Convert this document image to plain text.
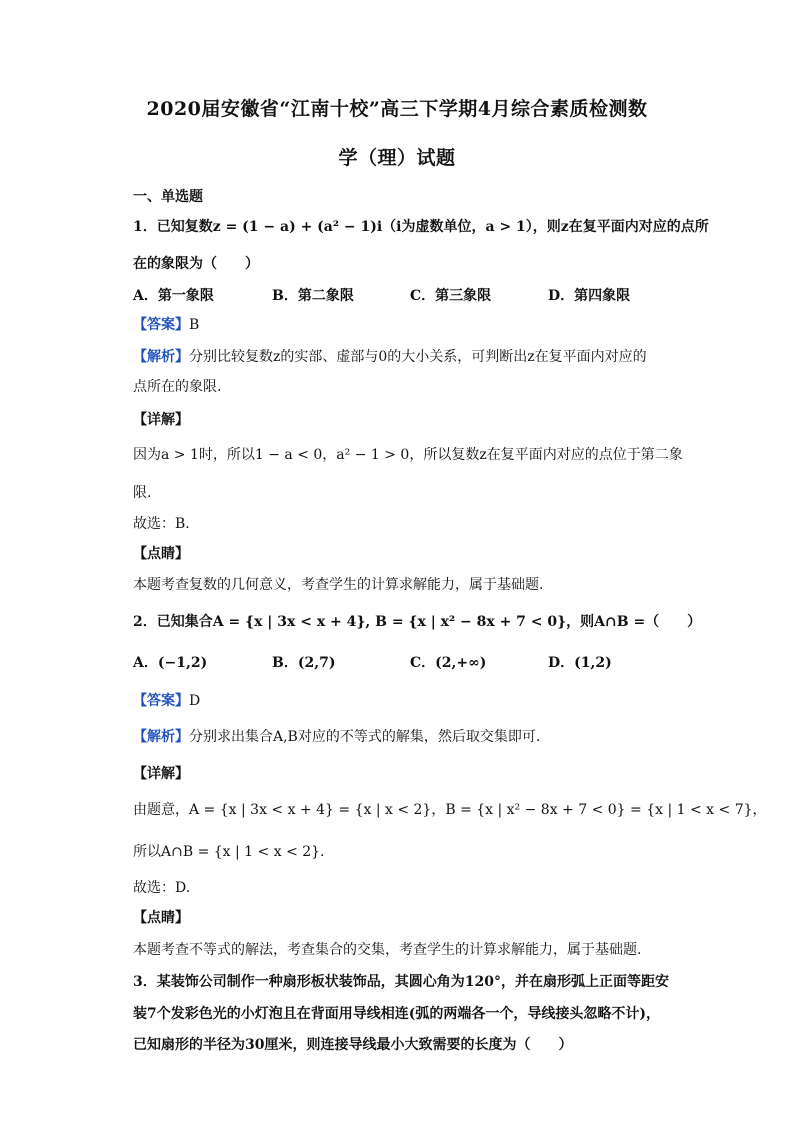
2020届安徽省“江南十校”高三下学期4月综合素质检测数
学（理）试题
一、单选题
1．已知复数z = (1 − a) + (a² − 1)i（i为虚数单位，a > 1），则z在复平面内对应的点所
在的象限为（　　）
A．第一象限	B．第二象限	C．第三象限	D．第四象限
【答案】B
【解析】分别比较复数z的实部、虚部与0的大小关系，可判断出z在复平面内对应的
点所在的象限.
【详解】
因为a > 1时，所以1 − a < 0，a² − 1 > 0，所以复数z在复平面内对应的点位于第二象
限.
故选：B.
【点睛】
本题考查复数的几何意义，考查学生的计算求解能力，属于基础题.
2．已知集合A = {x | 3x < x + 4}, B = {x | x² − 8x + 7 < 0}，则A∩B =（　　）
A．(−1,2)	B．(2,7)	C．(2,+∞)	D．(1,2)
【答案】D
【解析】分别求出集合A,B对应的不等式的解集，然后取交集即可.
【详解】
由题意，A = {x | 3x < x + 4} = {x | x < 2}，B = {x | x² − 8x + 7 < 0} = {x | 1 < x < 7}，
所以A∩B = {x | 1 < x < 2}.
故选：D.
【点睛】
本题考查不等式的解法，考查集合的交集，考查学生的计算求解能力，属于基础题.
3．某装饰公司制作一种扇形板状装饰品，其圆心角为120°，并在扇形弧上正面等距安
装7个发彩色光的小灯泡且在背面用导线相连(弧的两端各一个，导线接头忽略不计)，
已知扇形的半径为30厘米，则连接导线最小大致需要的长度为（　　）
